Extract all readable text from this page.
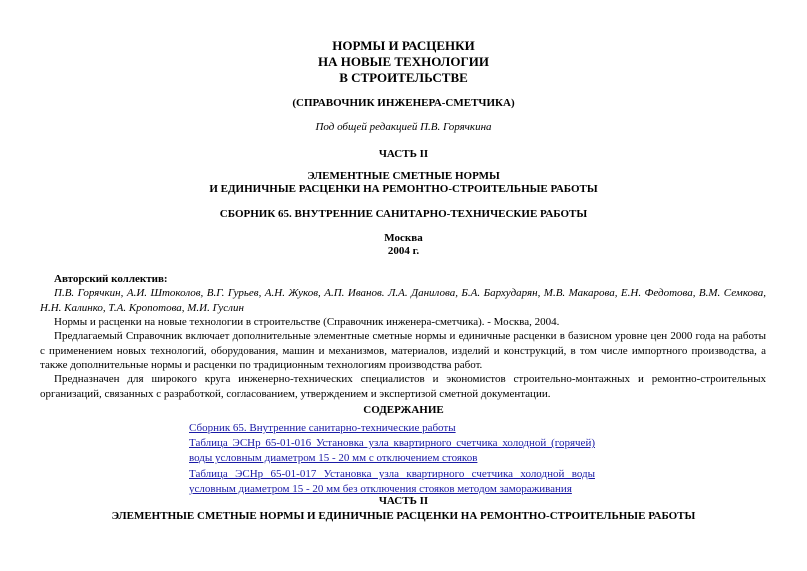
НОРМЫ И РАСЦЕНКИ
НА НОВЫЕ ТЕХНОЛОГИИ
В СТРОИТЕЛЬСТВЕ
(СПРАВОЧНИК ИНЖЕНЕРА-СМЕТЧИКА)
Под общей редакцией П.В. Горячкина
ЧАСТЬ II
ЭЛЕМЕНТНЫЕ СМЕТНЫЕ НОРМЫ
И ЕДИНИЧНЫЕ РАСЦЕНКИ НА РЕМОНТНО-СТРОИТЕЛЬНЫЕ РАБОТЫ
СБОРНИК 65. ВНУТРЕННИЕ САНИТАРНО-ТЕХНИЧЕСКИЕ РАБОТЫ
Москва
2004 г.
Авторский коллектив:
П.В. Горячкин, А.И. Штоколов, В.Г. Гурьев, А.Н. Жуков, А.П. Иванов. Л.А. Данилова, Б.А. Бархударян, М.В. Макарова, Е.Н. Федотова, В.М. Семкова, Н.Н. Калинко, Т.А. Кропотова, М.И. Гуслин
Нормы и расценки на новые технологии в строительстве (Справочник инженера-сметчика). - Москва, 2004.
Предлагаемый Справочник включает дополнительные элементные сметные нормы и единичные расценки в базисном уровне цен 2000 года на работы с применением новых технологий, оборудования, машин и механизмов, материалов, изделий и конструкций, в том числе импортного производства, а также дополнительные нормы и расценки по традиционным технологиям производства работ.
Предназначен для широкого круга инженерно-технических специалистов и экономистов строительно-монтажных и ремонтно-строительных организаций, связанных с разработкой, согласованием, утверждением и экспертизой сметной документации.
СОДЕРЖАНИЕ
Сборник 65. Внутренние санитарно-технические работы
Таблица ЭСНр 65-01-016 Установка узла квартирного счетчика холодной (горячей)
воды условным диаметром 15 - 20 мм с отключением стояков
Таблица ЭСНр 65-01-017 Установка узла квартирного счетчика холодной воды
условным диаметром 15 - 20 мм без отключения стояков методом замораживания
ЧАСТЬ II
ЭЛЕМЕНТНЫЕ СМЕТНЫЕ НОРМЫ И ЕДИНИЧНЫЕ РАСЦЕНКИ НА РЕМОНТНО-СТРОИТЕЛЬНЫЕ РАБОТЫ
